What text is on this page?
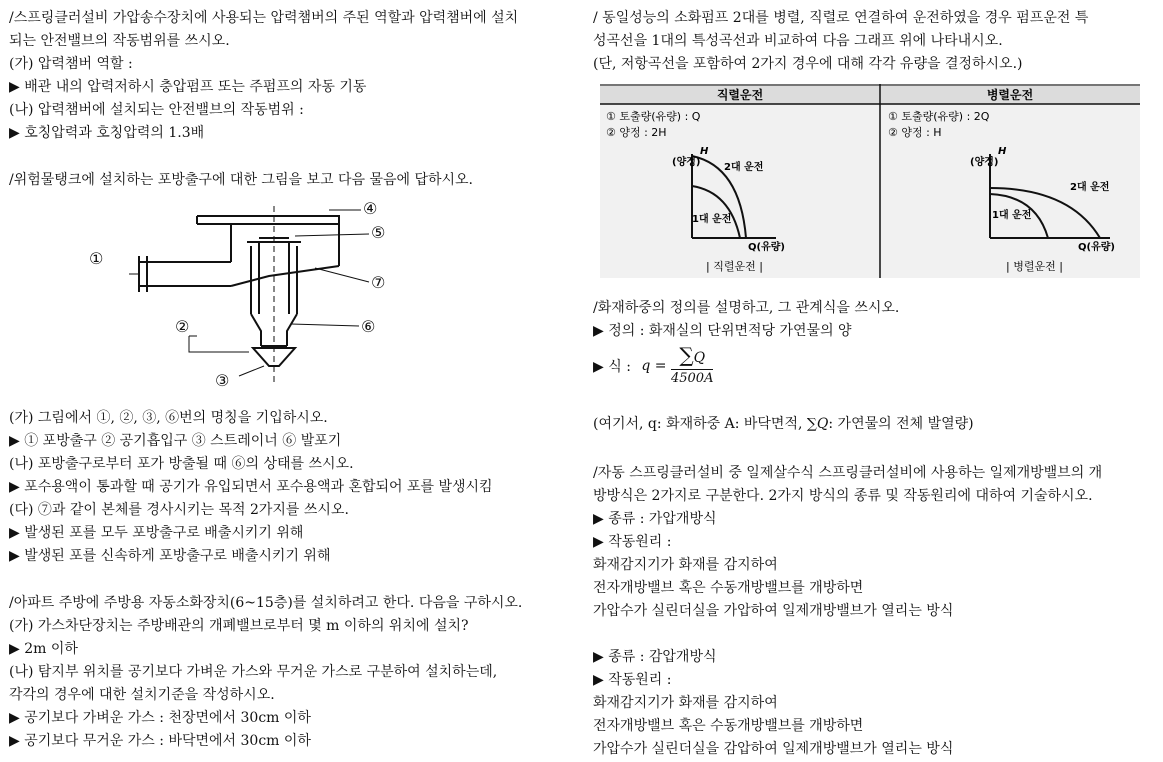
/스프링클러설비 가압송수장치에 사용되는 압력챔버의 주된 역할과 압력챔버에 설치
되는 안전밸브의 작동범위를 쓰시오.
(가) 압력챔버 역할 :
▶ 배관 내의 압력저하시 충압펌프 또는 주펌프의 자동 기동
(나) 압력챔버에 설치되는 안전밸브의 작동범위 :
▶ 호칭압력과 호칭압력의 1.3배
/위험물탱크에 설치하는 포방출구에 대한 그림을 보고 다음 물음에 답하시오.
①
②
③
④
⑤
⑥
⑦
(가) 그림에서 ①, ②, ③, ⑥번의 명칭을 기입하시오.
▶ ① 포방출구 ② 공기흡입구 ③ 스트레이너 ⑥ 발포기
(나) 포방출구로부터 포가 방출될 때 ⑥의 상태를 쓰시오.
▶ 포수용액이 통과할 때 공기가 유입되면서 포수용액과 혼합되어 포를 발생시킴
(다) ⑦과 같이 본체를 경사시키는 목적 2가지를 쓰시오.
▶ 발생된 포를 모두 포방출구로 배출시키기 위해
▶ 발생된 포를 신속하게 포방출구로 배출시키기 위해
/아파트 주방에 주방용 자동소화장치(6~15층)를 설치하려고 한다. 다음을 구하시오.
(가) 가스차단장치는 주방배관의 개폐밸브로부터 몇 m 이하의 위치에 설치?
▶ 2m 이하
(나) 탐지부 위치를 공기보다 가벼운 가스와 무거운 가스로 구분하여 설치하는데,
각각의 경우에 대한 설치기준을 작성하시오.
▶ 공기보다 가벼운 가스 : 천장면에서 30cm 이하
▶ 공기보다 무거운 가스 : 바닥면에서 30cm 이하
/ 동일성능의 소화펌프 2대를 병렬, 직렬로 연결하여 운전하였을 경우 펌프운전 특
성곡선을 1대의 특성곡선과 비교하여 다음 그래프 위에 나타내시오.
(단, 저항곡선을 포함하여 2가지 경우에 대해 각각 유량을 결정하시오.)
직렬운전	병렬운전
① 토출량(유량) : Q
② 양정 : 2H
① 토출량(유량) : 2Q
② 양정 : H
H
(양정)
Q(유량)
2대 운전
1대 운전
| 직렬운전 |
H
(양정)
Q(유량)
2대 운전
1대 운전
| 병렬운전 |
/화재하중의 정의를 설명하고, 그 관계식을 쓰시오.
▶ 정의 : 화재실의 단위면적당 가연물의 양
▶ 식 : $q = \frac{\sum Q}{4500A}$
(여기서, q: 화재하중 A: 바닥면적, ∑Q: 가연물의 전체 발열량)
/자동 스프링클러설비 중 일제살수식 스프링클러설비에 사용하는 일제개방밸브의 개
방방식은 2가지로 구분한다. 2가지 방식의 종류 및 작동원리에 대하여 기술하시오.
▶ 종류 : 가압개방식
▶ 작동원리 :
화재감지기가 화재를 감지하여
전자개방밸브 혹은 수동개방밸브를 개방하면
가압수가 실린더실을 가압하여 일제개방밸브가 열리는 방식
▶ 종류 : 감압개방식
▶ 작동원리 :
화재감지기가 화재를 감지하여
전자개방밸브 혹은 수동개방밸브를 개방하면
가압수가 실린더실을 감압하여 일제개방밸브가 열리는 방식
